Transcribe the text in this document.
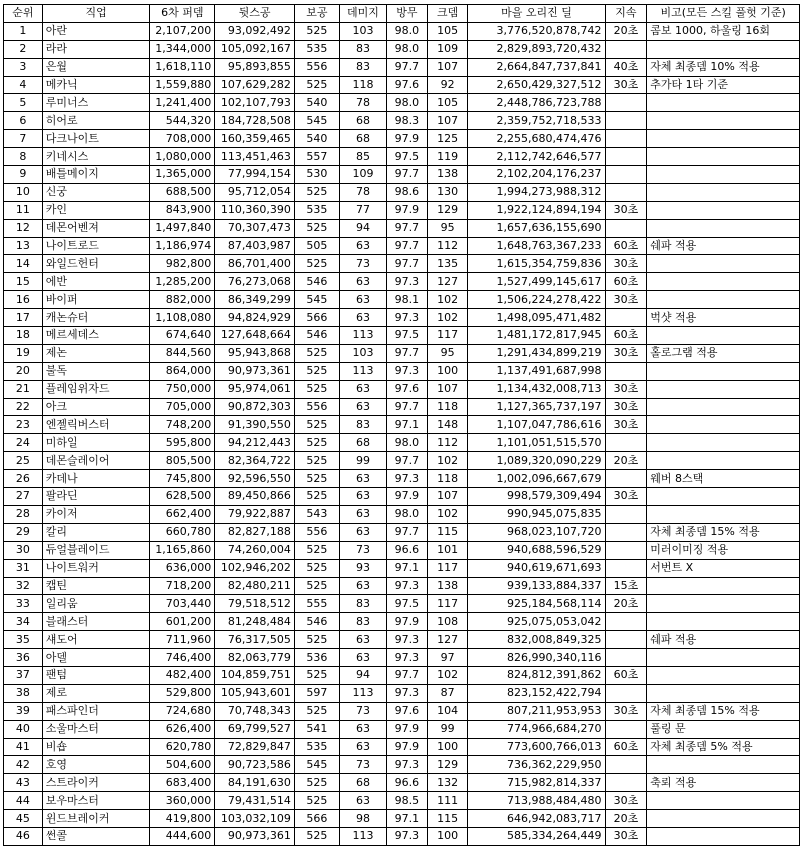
순위	직업	6차 퍼뎀	뒷스공	보공	데미지	방무	크뎀	마을 오리진 딜	지속	비고(모든 스킬 풀헛 기준)
1	아란	2,107,200	93,092,492	525	103	98.0	105	3,776,520,878,742	20초	콤보 1000, 하울링 16회
2	라라	1,344,000	105,092,167	535	83	98.0	109	2,829,893,720,432		
3	은월	1,618,110	95,893,855	556	83	97.7	107	2,664,847,737,841	40초	자체 최종뎀 10% 적용
4	메카닉	1,559,880	107,629,282	525	118	97.6	92	2,650,429,327,512	30초	추가타 1타 기준
5	루미너스	1,241,400	102,107,793	540	78	98.0	105	2,448,786,723,788		
6	히어로	544,320	184,728,508	545	68	98.3	107	2,359,752,718,533		
7	다크나이트	708,000	160,359,465	540	68	97.9	125	2,255,680,474,476		
8	키네시스	1,080,000	113,451,463	557	85	97.5	119	2,112,742,646,577		
9	배틀메이지	1,365,000	77,994,154	530	109	97.7	138	2,102,204,176,237		
10	신궁	688,500	95,712,054	525	78	98.6	130	1,994,273,988,312		
11	카인	843,900	110,360,390	535	77	97.9	129	1,922,124,894,194	30초	
12	데몬어벤져	1,497,840	70,307,473	525	94	97.7	95	1,657,636,155,690		
13	나이트로드	1,186,974	87,403,987	505	63	97.7	112	1,648,763,367,233	60초	쉐파 적용
14	와일드헌터	982,800	86,701,400	525	73	97.7	135	1,615,354,759,836	30초	
15	에반	1,285,200	76,273,068	546	63	97.3	127	1,527,499,145,617	60초	
16	바이퍼	882,000	86,349,299	545	63	98.1	102	1,506,224,278,422	30초	
17	캐논슈터	1,108,080	94,824,929	566	63	97.3	102	1,498,095,471,482		벅샷 적용
18	메르세데스	674,640	127,648,664	546	113	97.5	117	1,481,172,817,945	60초	
19	제논	844,560	95,943,868	525	103	97.7	95	1,291,434,899,219	30초	홀로그램 적용
20	불독	864,000	90,973,361	525	113	97.3	100	1,137,491,687,998		
21	플레임위자드	750,000	95,974,061	525	63	97.6	107	1,134,432,008,713	30초	
22	아크	705,000	90,872,303	556	63	97.7	118	1,127,365,737,197	30초	
23	엔젤릭버스터	748,200	91,390,550	525	83	97.1	148	1,107,047,786,616	30초	
24	미하일	595,800	94,212,443	525	68	98.0	112	1,101,051,515,570		
25	데몬슬레이어	805,500	82,364,722	525	99	97.7	102	1,089,320,090,229	20초	
26	카데나	745,800	92,596,550	525	63	97.3	118	1,002,096,667,679		웨버 8스택
27	팔라딘	628,500	89,450,866	525	63	97.9	107	998,579,309,494	30초	
28	카이저	662,400	79,922,887	543	63	98.0	102	990,945,075,835		
29	칼리	660,780	82,827,188	556	63	97.7	115	968,023,107,720		자체 최종뎀 15% 적용
30	듀얼블레이드	1,165,860	74,260,004	525	73	96.6	101	940,688,596,529		미러이미징 적용
31	나이트워커	636,000	102,946,202	525	93	97.1	117	940,619,671,693		서번트 X
32	캡틴	718,200	82,480,211	525	63	97.3	138	939,133,884,337	15초	
33	일리움	703,440	79,518,512	555	83	97.5	117	925,184,568,114	20초	
34	블래스터	601,200	81,248,484	546	83	97.9	108	925,075,053,042		
35	섀도어	711,960	76,317,505	525	63	97.3	127	832,008,849,325		쉐파 적용
36	아델	746,400	82,063,779	536	63	97.3	97	826,990,340,116		
37	팬텀	482,400	104,859,751	525	94	97.7	102	824,812,391,862	60초	
38	제로	529,800	105,943,601	597	113	97.3	87	823,152,422,794		
39	패스파인더	724,680	70,748,343	525	73	97.6	104	807,211,953,953	30초	자체 최종뎀 15% 적용
40	소울마스터	626,400	69,799,527	541	63	97.9	99	774,966,684,270		풀링 문
41	비숍	620,780	72,829,847	535	63	97.9	100	773,600,766,013	60초	자체 최종뎀 5% 적용
42	호영	504,600	90,723,586	545	73	97.3	129	736,362,229,950		
43	스트라이커	683,400	84,191,630	525	68	96.6	132	715,982,814,337		축뢰 적용
44	보우마스터	360,000	79,431,514	525	63	98.5	111	713,988,484,480	30초	
45	윈드브레이커	419,800	103,032,109	566	98	97.1	115	646,942,083,717	20초	
46	썬콜	444,600	90,973,361	525	113	97.3	100	585,334,264,449	30초	
